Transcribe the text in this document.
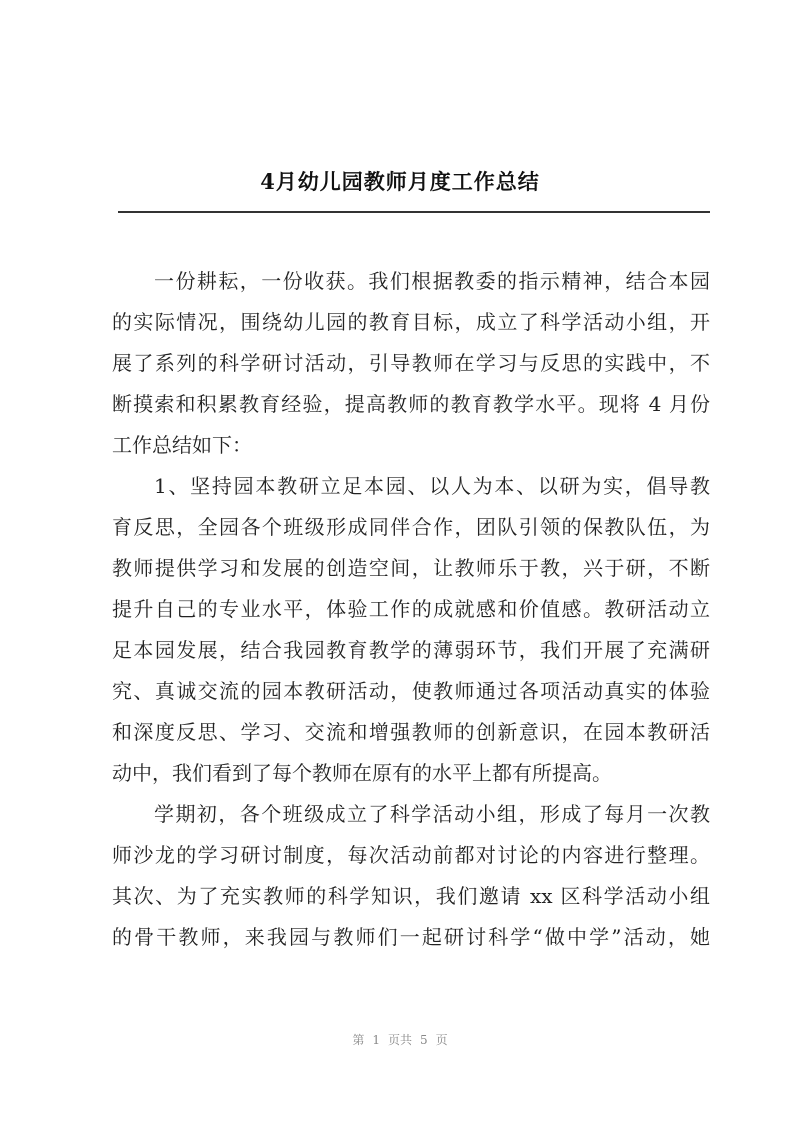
4月幼儿园教师月度工作总结
一份耕耘，一份收获。我们根据教委的指示精神，结合本园
的实际情况，围绕幼儿园的教育目标，成立了科学活动小组，开
展了系列的科学研讨活动，引导教师在学习与反思的实践中，不
断摸索和积累教育经验，提高教师的教育教学水平。现将 4 月份
工作总结如下：
1、坚持园本教研立足本园、以人为本、以研为实，倡导教
育反思，全园各个班级形成同伴合作，团队引领的保教队伍，为
教师提供学习和发展的创造空间，让教师乐于教，兴于研，不断
提升自己的专业水平，体验工作的成就感和价值感。教研活动立
足本园发展，结合我园教育教学的薄弱环节，我们开展了充满研
究、真诚交流的园本教研活动，使教师通过各项活动真实的体验
和深度反思、学习、交流和增强教师的创新意识，在园本教研活
动中，我们看到了每个教师在原有的水平上都有所提高。
学期初，各个班级成立了科学活动小组，形成了每月一次教
师沙龙的学习研讨制度，每次活动前都对讨论的内容进行整理。
其次、为了充实教师的科学知识，我们邀请 xx 区科学活动小组
的骨干教师，来我园与教师们一起研讨科学“做中学”活动，她
第 1 页共 5 页
